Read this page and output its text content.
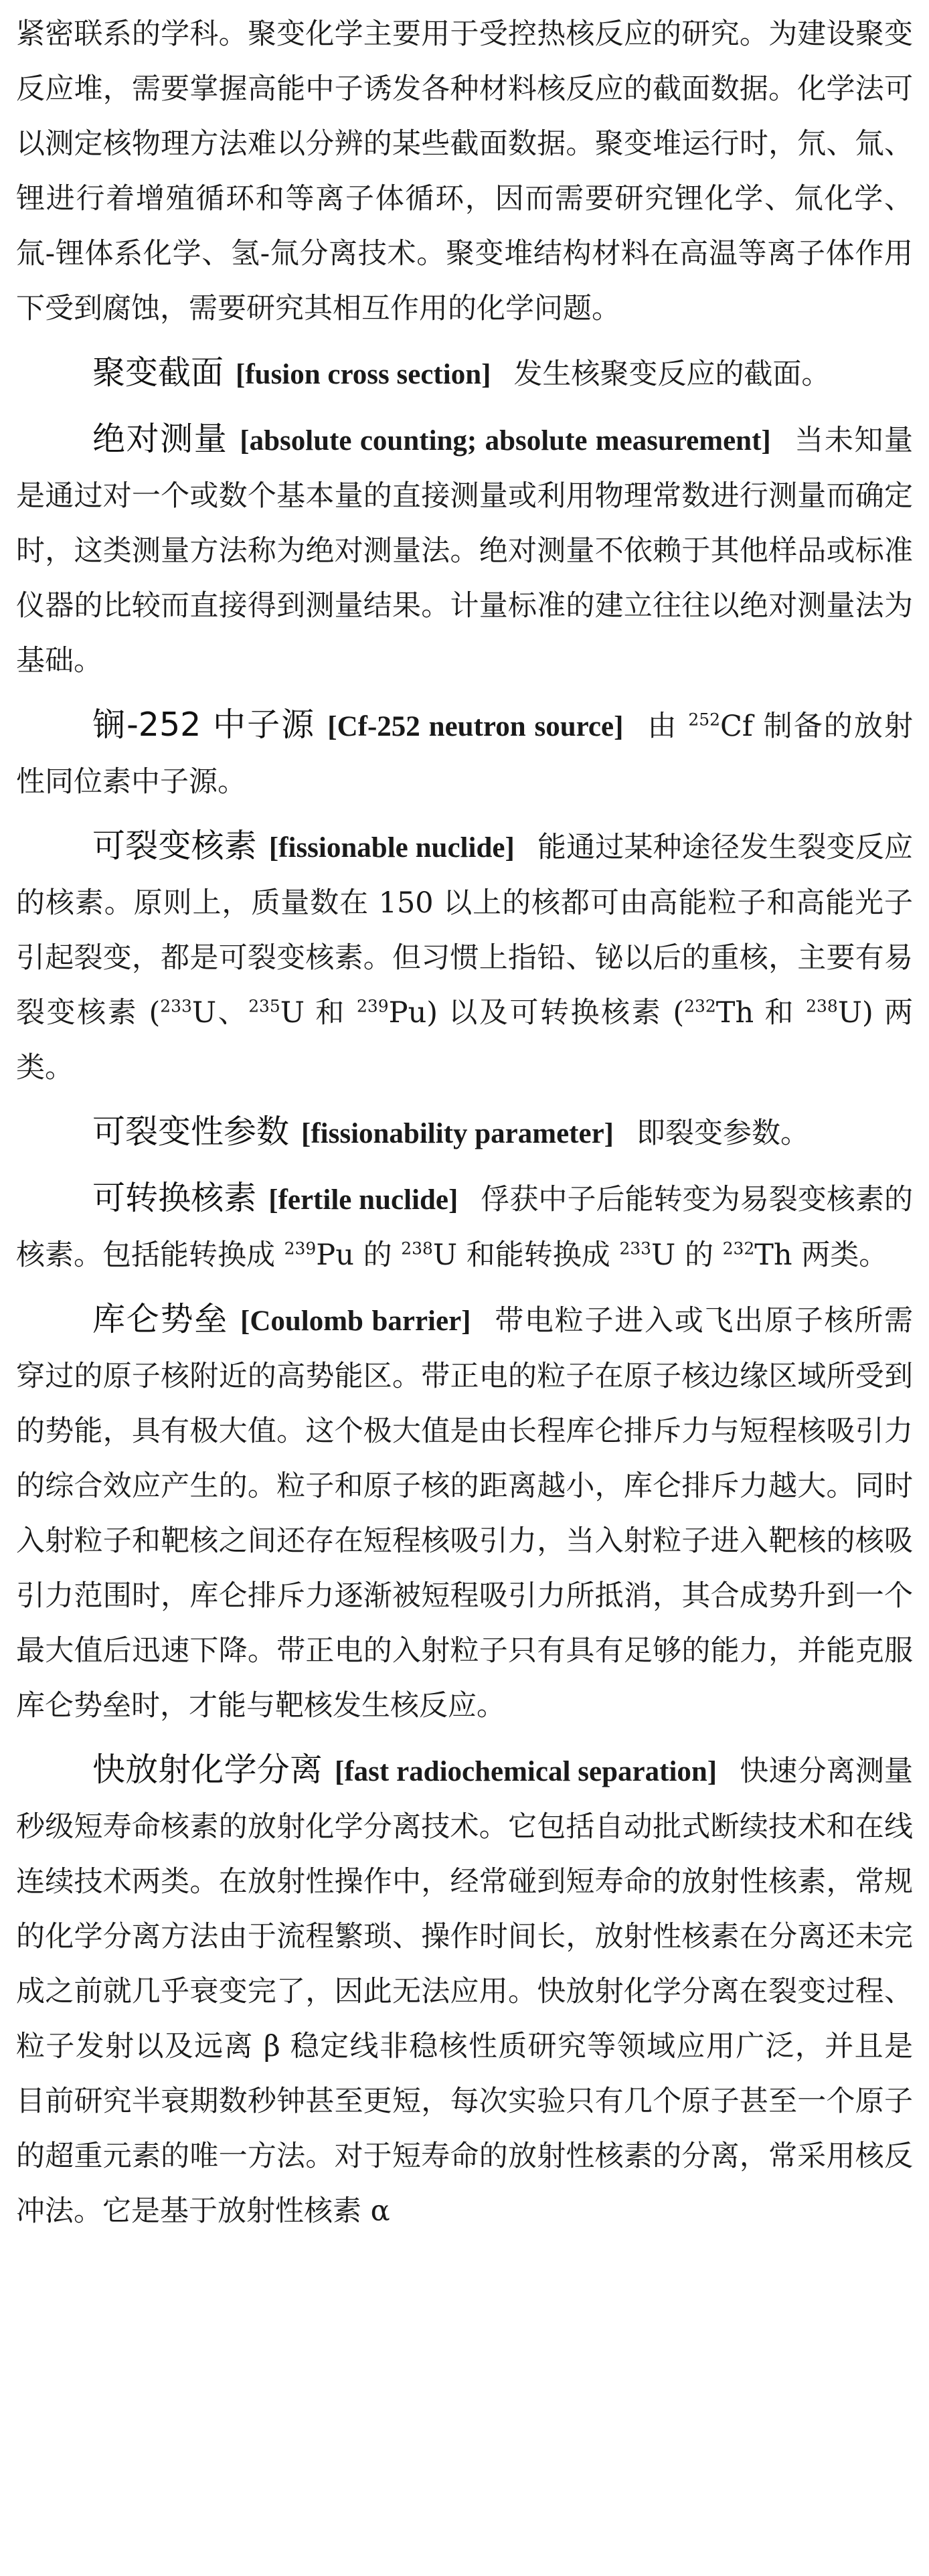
紧密联系的学科。聚变化学主要用于受控热核反应的研究。为建设聚变反应堆，需要掌握高能中子诱发各种材料核反应的截面数据。化学法可以测定核物理方法难以分辨的某些截面数据。聚变堆运行时，氘、氚、锂进行着增殖循环和等离子体循环，因而需要研究锂化学、氚化学、氚-锂体系化学、氢-氚分离技术。聚变堆结构材料在高温等离子体作用下受到腐蚀，需要研究其相互作用的化学问题。

聚变截面 [fusion cross section] 发生核聚变反应的截面。

绝对测量 [absolute counting; absolute measurement] 当未知量是通过对一个或数个基本量的直接测量或利用物理常数进行测量而确定时，这类测量方法称为绝对测量法。绝对测量不依赖于其他样品或标准仪器的比较而直接得到测量结果。计量标准的建立往往以绝对测量法为基础。

锎-252 中子源 [Cf-252 neutron source] 由 $^{252}$Cf 制备的放射性同位素中子源。

可裂变核素 [fissionable nuclide] 能通过某种途径发生裂变反应的核素。原则上，质量数在 150 以上的核都可由高能粒子和高能光子引起裂变，都是可裂变核素。但习惯上指铅、铋以后的重核，主要有易裂变核素 ($^{233}$U、$^{235}$U 和 $^{239}$Pu) 以及可转换核素 ($^{232}$Th 和 $^{238}$U) 两类。

可裂变性参数 [fissionability parameter] 即裂变参数。

可转换核素 [fertile nuclide] 俘获中子后能转变为易裂变核素的核素。包括能转换成 $^{239}$Pu 的 $^{238}$U 和能转换成 $^{233}$U 的 $^{232}$Th 两类。

库仑势垒 [Coulomb barrier] 带电粒子进入或飞出原子核所需穿过的原子核附近的高势能区。带正电的粒子在原子核边缘区域所受到的势能，具有极大值。这个极大值是由长程库仑排斥力与短程核吸引力的综合效应产生的。粒子和原子核的距离越小，库仑排斥力越大。同时入射粒子和靶核之间还存在短程核吸引力，当入射粒子进入靶核的核吸引力范围时，库仑排斥力逐渐被短程吸引力所抵消，其合成势升到一个最大值后迅速下降。带正电的入射粒子只有具有足够的能力，并能克服库仑势垒时，才能与靶核发生核反应。

快放射化学分离 [fast radiochemical separation] 快速分离测量秒级短寿命核素的放射化学分离技术。它包括自动批式断续技术和在线连续技术两类。在放射性操作中，经常碰到短寿命的放射性核素，常规的化学分离方法由于流程繁琐、操作时间长，放射性核素在分离还未完成之前就几乎衰变完了，因此无法应用。快放射化学分离在裂变过程、粒子发射以及远离 β 稳定线非稳核性质研究等领域应用广泛，并且是目前研究半衰期数秒钟甚至更短，每次实验只有几个原子甚至一个原子的超重元素的唯一方法。对于短寿命的放射性核素的分离，常采用核反冲法。它是基于放射性核素 α
